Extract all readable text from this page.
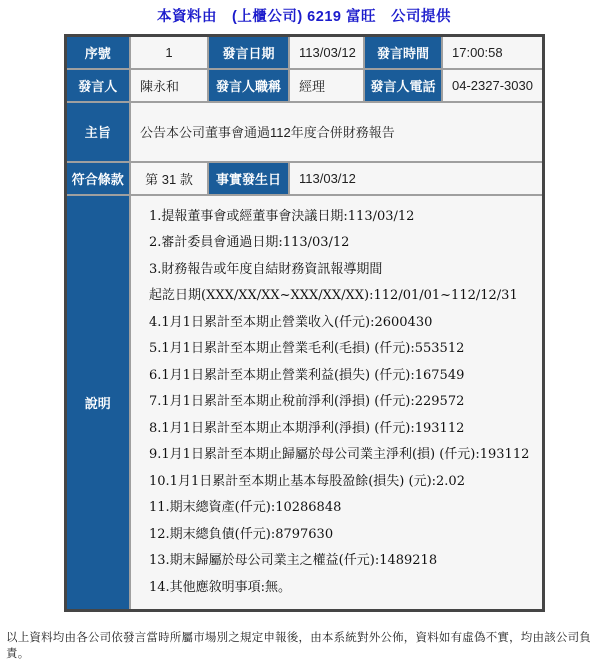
本資料由　(上櫃公司) 6219 富旺　公司提供
序號	1	發言日期	113/03/12	發言時間	17:00:58
發言人	陳永和	發言人職稱	經理	發言人電話	04-2327-3030
主旨	公告本公司董事會通過112年度合併財務報告				
符合條款	第 31 款	事實發生日	113/03/12		
說明	
1.提報董事會或經董事會決議日期:113/03/12
2.審計委員會通過日期:113/03/12
3.財務報告或年度自結財務資訊報導期間
起訖日期(XXX/XX/XX~XXX/XX/XX):112/01/01~112/12/31
4.1月1日累計至本期止營業收入(仟元):2600430
5.1月1日累計至本期止營業毛利(毛損) (仟元):553512
6.1月1日累計至本期止營業利益(損失) (仟元):167549
7.1月1日累計至本期止稅前淨利(淨損) (仟元):229572
8.1月1日累計至本期止本期淨利(淨損) (仟元):193112
9.1月1日累計至本期止歸屬於母公司業主淨利(損) (仟元):193112
10.1月1日累計至本期止基本每股盈餘(損失) (元):2.02
11.期末總資產(仟元):10286848
12.期末總負債(仟元):8797630
13.期末歸屬於母公司業主之權益(仟元):1489218
14.其他應敘明事項:無。
以上資料均由各公司依發言當時所屬市場別之規定申報後，由本系統對外公佈，資料如有虛偽不實，均由該公司負責。
